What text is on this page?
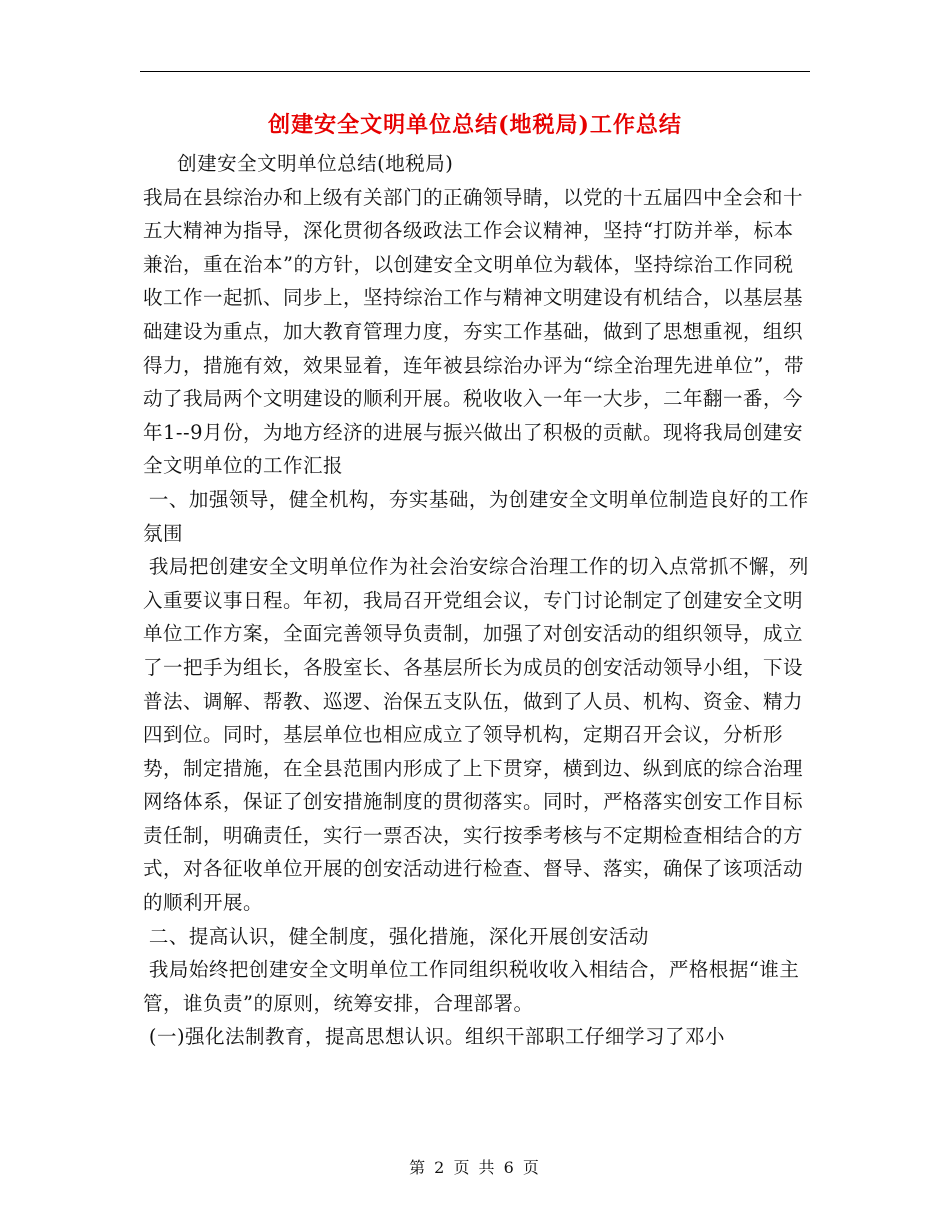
创建安全文明单位总结(地税局)工作总结

创建安全文明单位总结(地税局)

我局在县综治办和上级有关部门的正确领导睛，以党的十五届四中全会和十五大精神为指导，深化贯彻各级政法工作会议精神，坚持“打防并举，标本兼治，重在治本”的方针，以创建安全文明单位为载体，坚持综治工作同税收工作一起抓、同步上，坚持综治工作与精神文明建设有机结合，以基层基础建设为重点，加大教育管理力度，夯实工作基础，做到了思想重视，组织得力，措施有效，效果显着，连年被县综治办评为“综全治理先进单位”，带动了我局两个文明建设的顺利开展。税收收入一年一大步，二年翻一番，今年1--9月份，为地方经济的进展与振兴做出了积极的贡献。现将我局创建安全文明单位的工作汇报

一、加强领导，健全机构，夯实基础，为创建安全文明单位制造良好的工作氛围

我局把创建安全文明单位作为社会治安综合治理工作的切入点常抓不懈，列入重要议事日程。年初，我局召开党组会议，专门讨论制定了创建安全文明单位工作方案，全面完善领导负责制，加强了对创安活动的组织领导，成立了一把手为组长，各股室长、各基层所长为成员的创安活动领导小组，下设普法、调解、帮教、巡逻、治保五支队伍，做到了人员、机构、资金、精力四到位。同时，基层单位也相应成立了领导机构，定期召开会议，分析形势，制定措施，在全县范围内形成了上下贯穿，横到边、纵到底的综合治理网络体系，保证了创安措施制度的贯彻落实。同时，严格落实创安工作目标责任制，明确责任，实行一票否决，实行按季考核与不定期检查相结合的方式，对各征收单位开展的创安活动进行检查、督导、落实，确保了该项活动的顺利开展。

二、提高认识，健全制度，强化措施，深化开展创安活动

我局始终把创建安全文明单位工作同组织税收收入相结合，严格根据“谁主管，谁负责”的原则，统筹安排，合理部署。

(一)强化法制教育，提高思想认识。组织干部职工仔细学习了邓小

第 2 页 共 6 页
